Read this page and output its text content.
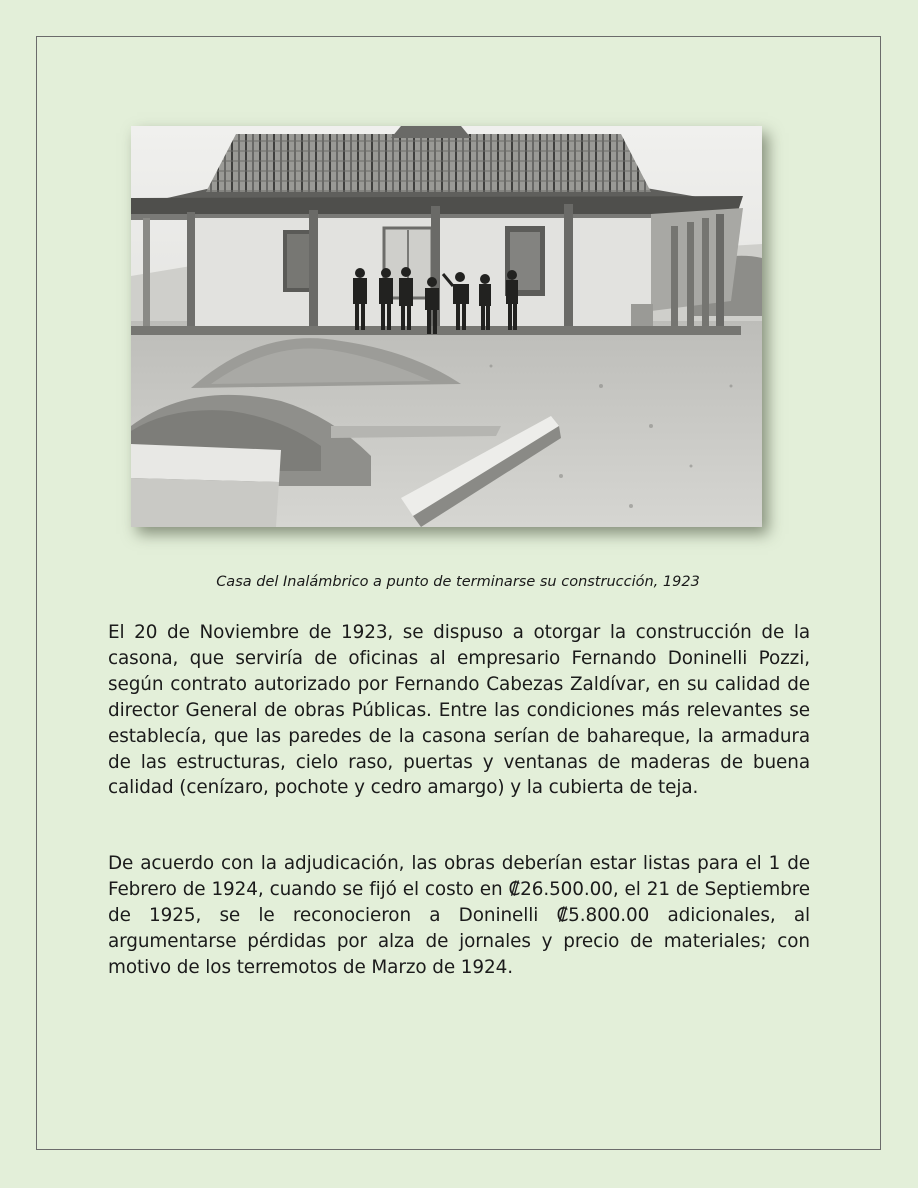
Casa del Inalámbrico a punto de terminarse su construcción, 1923

El 20 de Noviembre de 1923, se dispuso a otorgar la construcción de la casona, que serviría de oficinas al empresario Fernando Doninelli Pozzi, según contrato autorizado por Fernando Cabezas Zaldívar, en su calidad de director General de obras Públicas. Entre las condiciones más relevantes se establecía, que las paredes de la casona serían de bahareque, la armadura de las estructuras, cielo raso, puertas y ventanas de maderas de buena calidad (cenízaro, pochote y cedro amargo) y la cubierta de teja.

De acuerdo con la adjudicación, las obras deberían estar listas para el 1 de Febrero de 1924, cuando se fijó el costo en ₡26.500.00, el 21 de Septiembre de 1925, se le reconocieron a Doninelli ₡5.800.00 adicionales, al argumentarse pérdidas por alza de jornales y precio de materiales; con motivo de los terremotos de Marzo de 1924.
